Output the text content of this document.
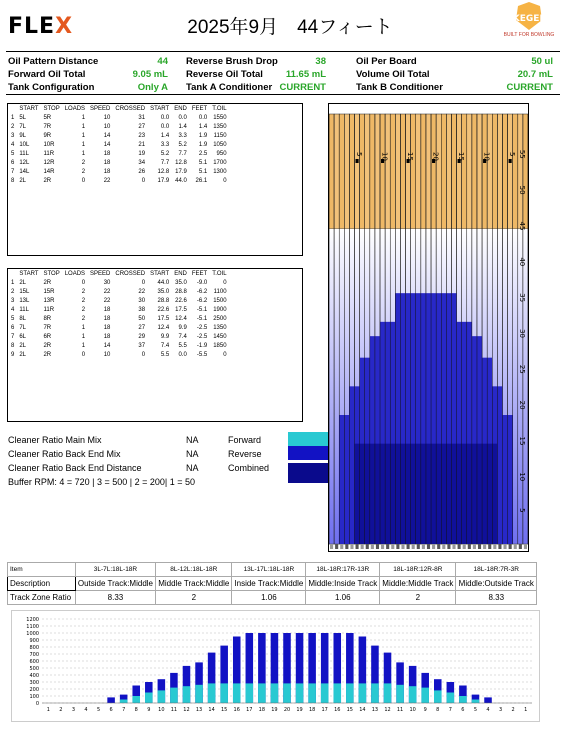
FLEX	2025年9月　44フィート	KEGEL
BUILT FOR BOWLING
Oil Pattern Distance	44 Reverse Brush Drop	38	Oil Per Board	50 ul
Forward Oil Total	9.05 mL Reverse Oil Total	11.65 mL	Volume Oil Total	20.7 mL
Tank Configuration	Only A Tank A Conditioner CURRENT	Tank B Conditioner	CURRENT
	START	STOP	LOADS	SPEED	CROSSED	START	END	FEET	T.OIL
1	5L	5R	1	10	31	0.0	0.0	0.0	1550
2	7L	7R	1	10	27	0.0	1.4	1.4	1350
3	9L	9R	1	14	23	1.4	3.3	1.9	1150
4	10L	10R	1	14	21	3.3	5.2	1.9	1050
5	11L	11R	1	18	19	5.2	7.7	2.5	950
6	12L	12R	2	18	34	7.7	12.8	5.1	1700
7	14L	14R	2	18	26	12.8	17.9	5.1	1300
8	2L	2R	0	22	0	17.9	44.0	26.1	0
	START	STOP	LOADS	SPEED	CROSSED	START	END	FEET	T.OIL
1	2L	2R	0	30	0	44.0	35.0	-9.0	0
2	15L	15R	2	22	22	35.0	28.8	-6.2	1100
3	13L	13R	2	22	30	28.8	22.6	-6.2	1500
4	11L	11R	2	18	38	22.6	17.5	-5.1	1900
5	8L	8R	2	18	50	17.5	12.4	-5.1	2500
6	7L	7R	1	18	27	12.4	9.9	-2.5	1350
7	6L	6R	1	18	29	9.9	7.4	-2.5	1450
8	2L	2R	1	14	37	7.4	5.5	-1.9	1850
9	2L	2R	0	10	0	5.5	0.0	-5.5	0
Cleaner Ratio Main Mix	NA	Forward
Cleaner Ratio Back End Mix	NA	Reverse
Cleaner Ratio Back End Distance	NA	Combined
Buffer RPM: 4 = 720 | 3 = 500 | 2 = 200| 1 = 50
5	10	15	20	15	10	5 55
50
45
40
35
30
25
20
15
10
5
Item	3L-7L:18L-18R	8L-12L:18L-18R	13L-17L:18L-18R	18L-18R:17R-13R	18L-18R:12R-8R	18L-18R:7R-3R
Description	Outside Track:Middle	Middle Track:Middle	Inside Track:Middle	Middle:Inside Track	Middle:Middle Track	Middle:Outside Track
Track Zone Ratio	8.33	2	1.06	1.06	2	8.33
0
100
200
300
400
500
600
700
800
900
1000
1100
1200
1 2 3 4 5 6 7 8 9 10 11 12 13 14 15 16 17 18 19 20 19 18 17 16 15 14 13 12 11 10 9 8 7 6 5 4 3 2 1
